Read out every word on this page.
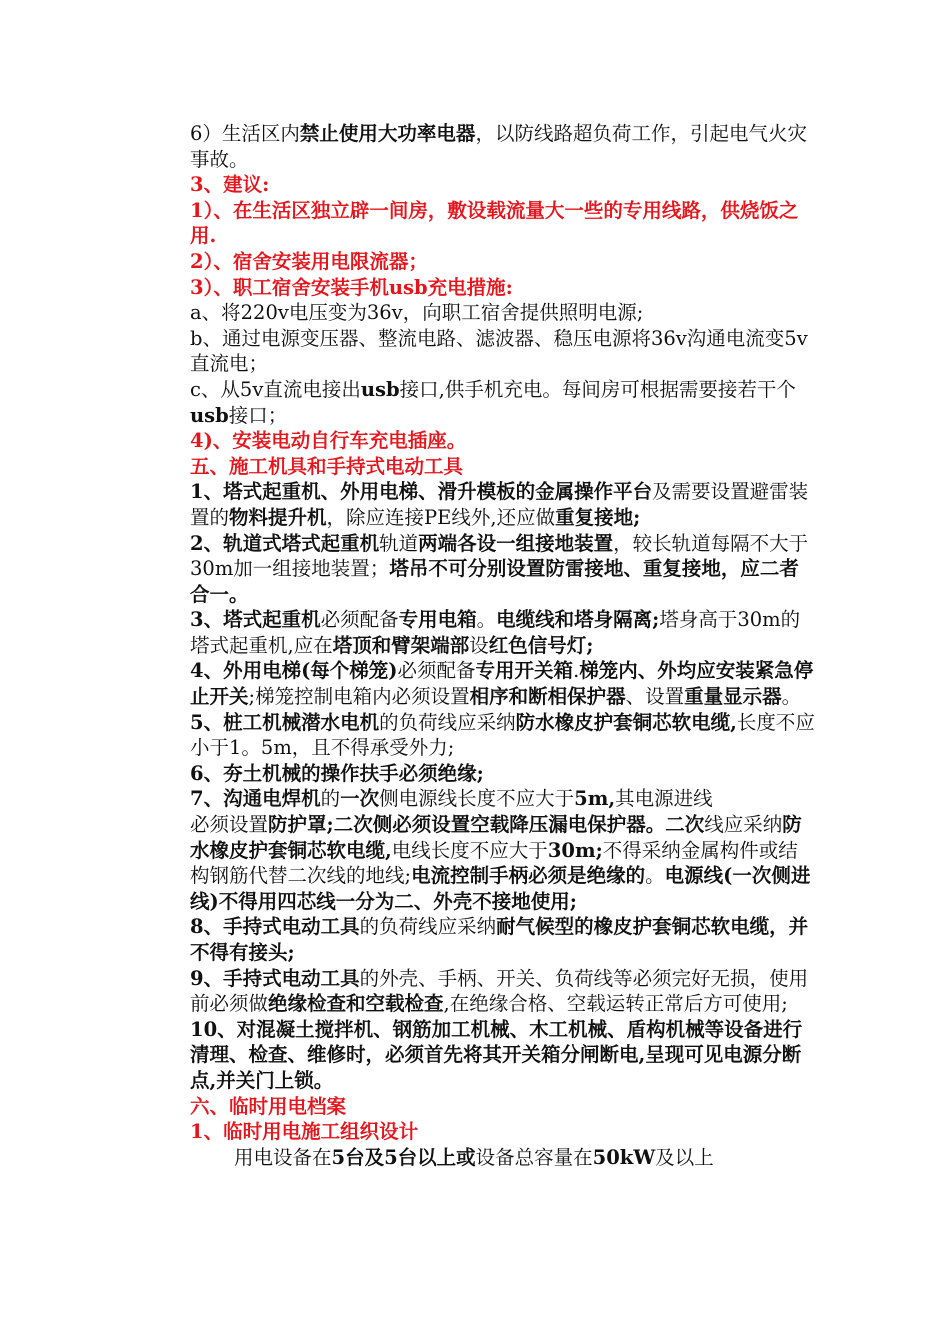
6）生活区内禁止使用大功率电器，以防线路超负荷工作，引起电气火灾事故。

3、建议:

1）、在生活区独立辟一间房，敷设载流量大一些的专用线路，供烧饭之用.

2）、宿舍安装用电限流器；

3）、职工宿舍安装手机usb充电措施:

a、将220v电压变为36v，向职工宿舍提供照明电源;

b、通过电源变压器、整流电路、滤波器、稳压电源将36v沟通电流变5v直流电；

c、从5v直流电接出usb接口,供手机充电。每间房可根据需要接若干个usb接口；

4)、安装电动自行车充电插座。

五、施工机具和手持式电动工具

1、塔式起重机、外用电梯、滑升模板的金属操作平台及需要设置避雷装置的物料提升机，除应连接PE线外,还应做重复接地;

2、轨道式塔式起重机轨道两端各设一组接地装置，较长轨道每隔不大于30m加一组接地装置；塔吊不可分别设置防雷接地、重复接地，应二者合一。

3、塔式起重机必须配备专用电箱。电缆线和塔身隔离;塔身高于30m的塔式起重机,应在塔顶和臂架端部设红色信号灯;

4、外用电梯(每个梯笼)必须配备专用开关箱.梯笼内、外均应安装紧急停止开关;梯笼控制电箱内必须设置相序和断相保护器、设置重量显示器。

5、桩工机械潜水电机的负荷线应采纳防水橡皮护套铜芯软电缆,长度不应小于1。5m，且不得承受外力;

6、夯土机械的操作扶手必须绝缘;

7、沟通电焊机的一次侧电源线长度不应大于5m,其电源进线

必须设置防护罩;二次侧必须设置空载降压漏电保护器。二次线应采纳防水橡皮护套铜芯软电缆,电线长度不应大于30m;不得采纳金属构件或结构钢筋代替二次线的地线;电流控制手柄必须是绝缘的。电源线(一次侧进线)不得用四芯线一分为二、外壳不接地使用;

8、手持式电动工具的负荷线应采纳耐气候型的橡皮护套铜芯软电缆，并不得有接头;

9、手持式电动工具的外壳、手柄、开关、负荷线等必须完好无损，使用前必须做绝缘检查和空载检查,在绝缘合格、空载运转正常后方可使用;

10、对混凝土搅拌机、钢筋加工机械、木工机械、盾构机械等设备进行清理、检查、维修时，必须首先将其开关箱分闸断电,呈现可见电源分断点,并关门上锁。

六、临时用电档案

1、临时用电施工组织设计

用电设备在5台及5台以上或设备总容量在50kW及以上
